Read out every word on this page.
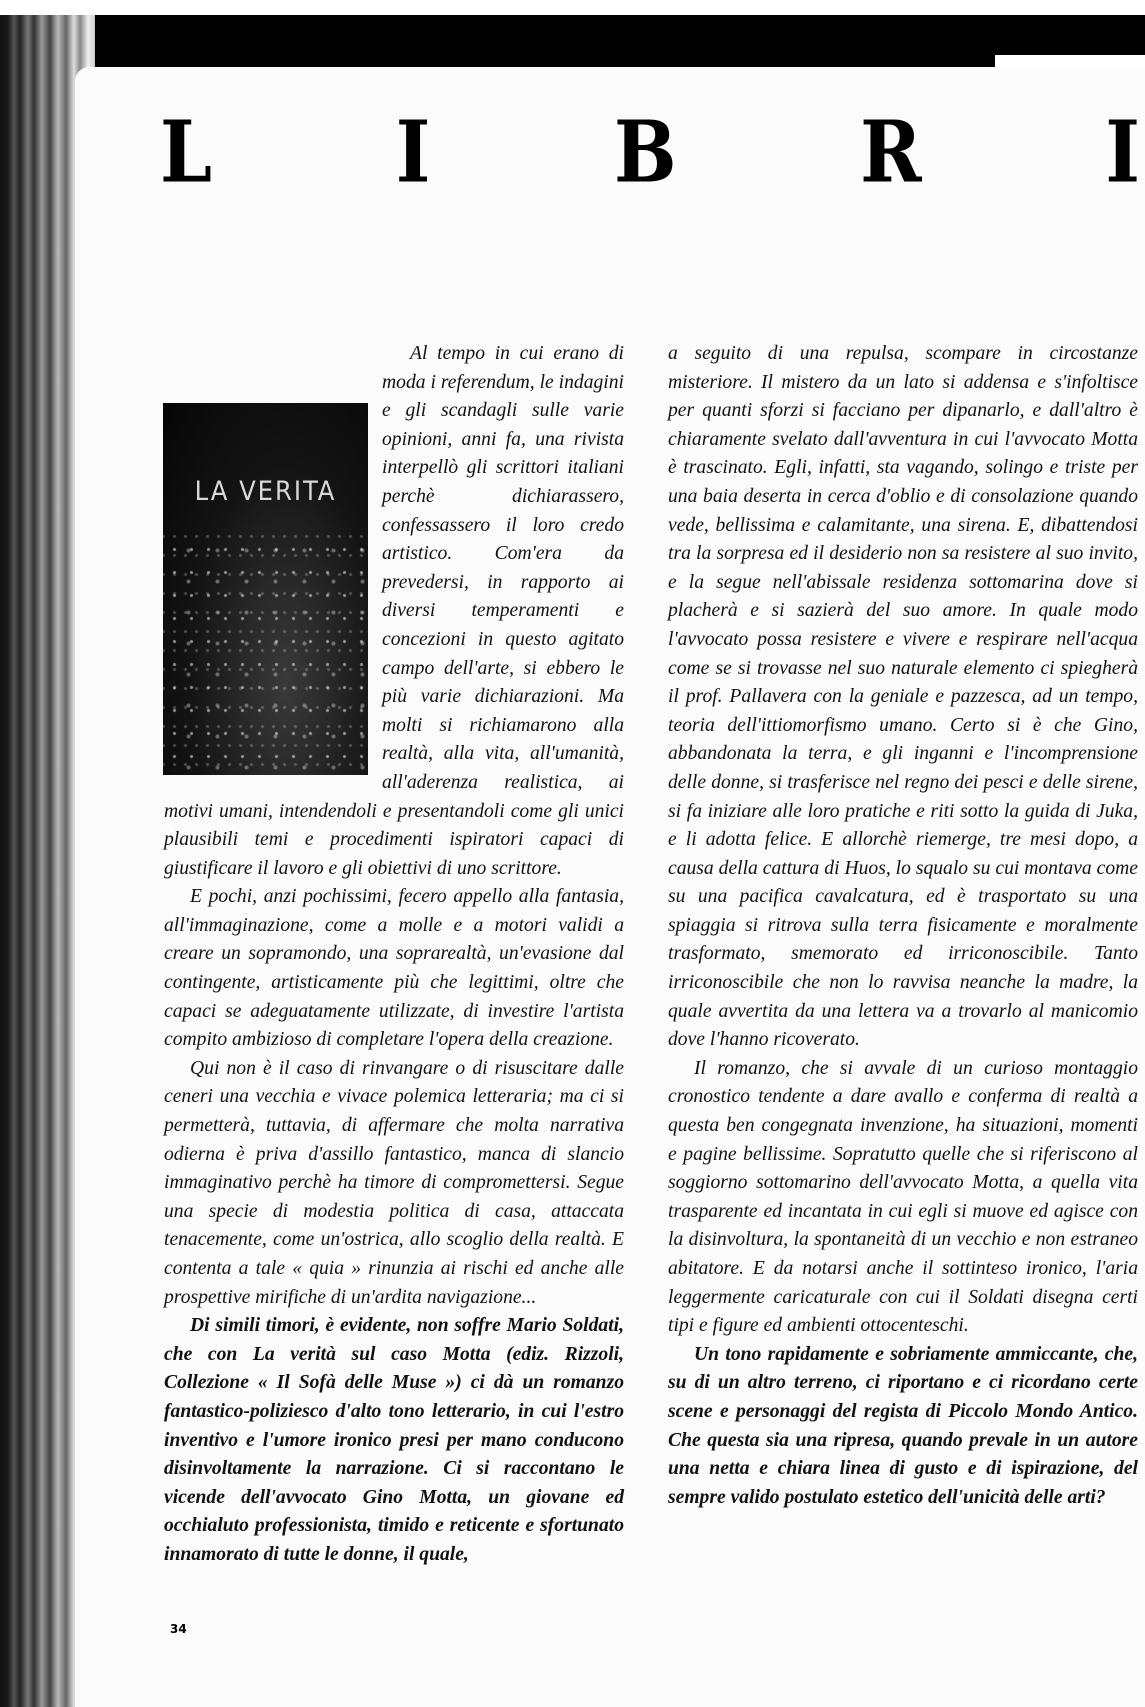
L I B R I
LA VERITA

Al tempo in cui erano di moda i referendum, le indagini e gli scandagli sulle varie opinioni, anni fa, una rivista interpellò gli scrittori italiani perchè dichiarassero, confessassero il loro credo artistico. Com'era da prevedersi, in rapporto ai diversi temperamenti e concezioni in questo agitato campo dell'arte, si ebbero le più varie dichiarazioni. Ma molti si richiamarono alla realtà, alla vita, all'umanità, all'aderenza realistica, ai motivi umani, intendendoli e presentandoli come gli unici plausibili temi e procedimenti ispiratori capaci di giustificare il lavoro e gli obiettivi di uno scrittore.

E pochi, anzi pochissimi, fecero appello alla fantasia, all'immaginazione, come a molle e a motori validi a creare un sopramondo, una soprarealtà, un'evasione dal contingente, artisticamente più che legittimi, oltre che capaci se adeguatamente utilizzate, di investire l'artista compito ambizioso di completare l'opera della creazione.

Qui non è il caso di rinvangare o di risuscitare dalle ceneri una vecchia e vivace polemica letteraria; ma ci si permetterà, tuttavia, di affermare che molta narrativa odierna è priva d'assillo fantastico, manca di slancio immaginativo perchè ha timore di compromettersi. Segue una specie di modestia politica di casa, attaccata tenacemente, come un'ostrica, allo scoglio della realtà. E contenta a tale « quia » rinunzia ai rischi ed anche alle prospettive mirifiche di un'ardita navigazione...

Di simili timori, è evidente, non soffre Mario Soldati, che con La verità sul caso Motta (ediz. Rizzoli, Collezione « Il Sofà delle Muse ») ci dà un romanzo fantastico-poliziesco d'alto tono letterario, in cui l'estro inventivo e l'umore ironico presi per mano conducono disinvoltamente la narrazione. Ci si raccontano le vicende dell'avvocato Gino Motta, un giovane ed occhialuto professionista, timido e reticente e sfortunato innamorato di tutte le donne, il quale,

a seguito di una repulsa, scompare in circostanze misteriore. Il mistero da un lato si addensa e s'infoltisce per quanti sforzi si facciano per dipanarlo, e dall'altro è chiaramente svelato dall'avventura in cui l'avvocato Motta è trascinato. Egli, infatti, sta vagando, solingo e triste per una baia deserta in cerca d'oblio e di consolazione quando vede, bellissima e calamitante, una sirena. E, dibattendosi tra la sorpresa ed il desiderio non sa resistere al suo invito, e la segue nell'abissale residenza sottomarina dove si placherà e si sazierà del suo amore. In quale modo l'avvocato possa resistere e vivere e respirare nell'acqua come se si trovasse nel suo naturale elemento ci spiegherà il prof. Pallavera con la geniale e pazzesca, ad un tempo, teoria dell'ittiomorfismo umano. Certo si è che Gino, abbandonata la terra, e gli inganni e l'incomprensione delle donne, si trasferisce nel regno dei pesci e delle sirene, si fa iniziare alle loro pratiche e riti sotto la guida di Juka, e li adotta felice. E allorchè riemerge, tre mesi dopo, a causa della cattura di Huos, lo squalo su cui montava come su una pacifica cavalcatura, ed è trasportato su una spiaggia si ritrova sulla terra fisicamente e moralmente trasformato, smemorato ed irriconoscibile. Tanto irriconoscibile che non lo ravvisa neanche la madre, la quale avvertita da una lettera va a trovarlo al manicomio dove l'hanno ricoverato.

Il romanzo, che si avvale di un curioso montaggio cronostico tendente a dare avallo e conferma di realtà a questa ben congegnata invenzione, ha situazioni, momenti e pagine bellissime. Sopratutto quelle che si riferiscono al soggiorno sottomarino dell'avvocato Motta, a quella vita trasparente ed incantata in cui egli si muove ed agisce con la disinvoltura, la spontaneità di un vecchio e non estraneo abitatore. E da notarsi anche il sottinteso ironico, l'aria leggermente caricaturale con cui il Soldati disegna certi tipi e figure ed ambienti ottocenteschi.

Un tono rapidamente e sobriamente ammiccante, che, su di un altro terreno, ci riportano e ci ricordano certe scene e personaggi del regista di Piccolo Mondo Antico. Che questa sia una ripresa, quando prevale in un autore una netta e chiara linea di gusto e di ispirazione, del sempre valido postulato estetico dell'unicità delle arti?

34
